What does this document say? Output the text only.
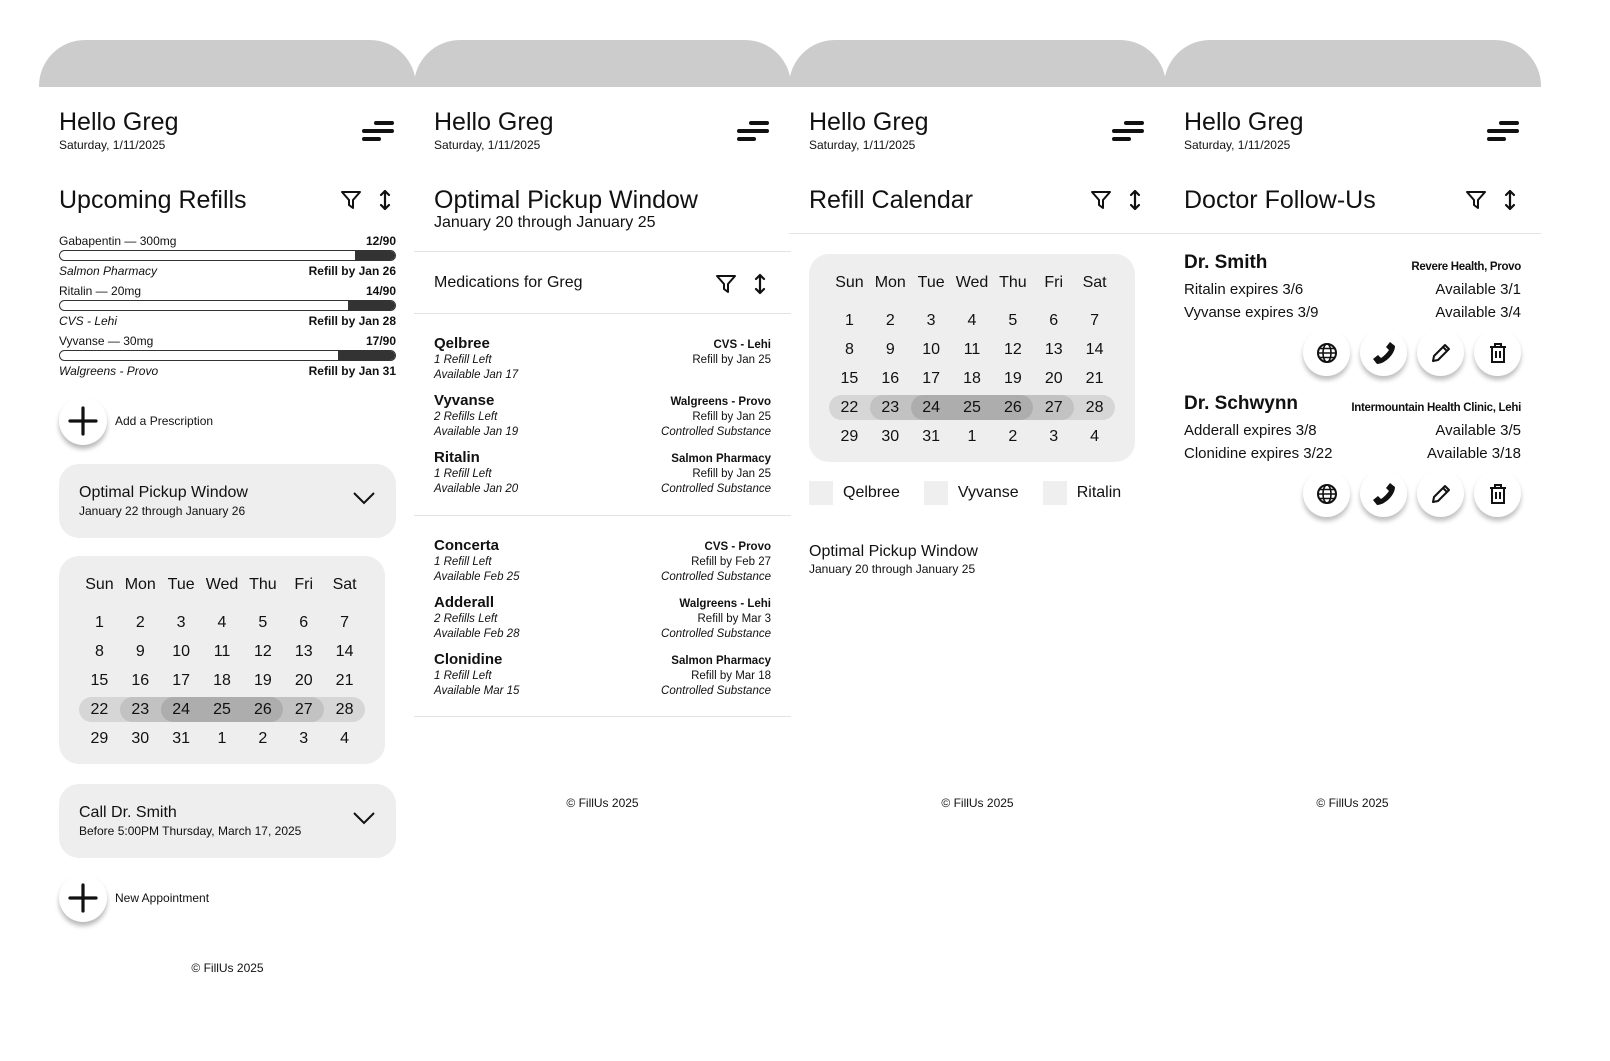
Hello Greg
Saturday, 1/11/2025
Upcoming Refills
Gabapentin — 300mg	12/90
Salmon Pharmacy	Refill by Jan 26
Ritalin — 20mg	14/90
CVS - Lehi	Refill by Jan 28
Vyvanse — 30mg	17/90
Walgreens - Provo	Refill by Jan 31
Add a Prescription
Optimal Pickup Window
January 22 through January 26
Sun Mon Tue Wed Thu	Fri	Sat
1	2	3	4	5	6	7
8	9	10	11	12	13	14
15	16	17	18	19	20	21
22	23	24	25	26	27	28
29	30	31	1	2	3	4
Call Dr. Smith
Before 5:00PM Thursday, March 17, 2025
New Appointment
© FillUs 2025
Hello Greg
Saturday, 1/11/2025
Optimal Pickup Window
January 20 through January 25
Medications for Greg
Qelbree
1 Refill Left
Available Jan 17
CVS - Lehi
Refill by Jan 25
Vyvanse
2 Refills Left
Available Jan 19
Walgreens - Provo
Refill by Jan 25
Controlled Substance
Ritalin
1 Refill Left
Available Jan 20
Salmon Pharmacy
Refill by Jan 25
Controlled Substance
Concerta
1 Refill Left
Available Feb 25
CVS - Provo
Refill by Feb 27
Controlled Substance
Adderall
2 Refills Left
Available Feb 28
Walgreens - Lehi
Refill by Mar 3
Controlled Substance
Clonidine
1 Refill Left
Available Mar 15
Salmon Pharmacy
Refill by Mar 18
Controlled Substance
© FillUs 2025
Hello Greg
Saturday, 1/11/2025
Refill Calendar
Sun Mon Tue Wed Thu	Fri	Sat
1	2	3	4	5	6	7
8	9	10	11	12	13	14
15	16	17	18	19	20	21
22	23	24	25	26	27	28
29	30	31	1	2	3	4
Qelbree	Vyvanse	Ritalin
Optimal Pickup Window
January 20 through January 25
© FillUs 2025
Hello Greg
Saturday, 1/11/2025
Doctor Follow-Us
Dr. Smith	Revere Health, Provo
Ritalin expires 3/6	Available 3/1
Vyvanse expires 3/9	Available 3/4
Dr. Schwynn	Intermountain Health Clinic, Lehi
Adderall expires 3/8	Available 3/5
Clonidine expires 3/22	Available 3/18
© FillUs 2025
